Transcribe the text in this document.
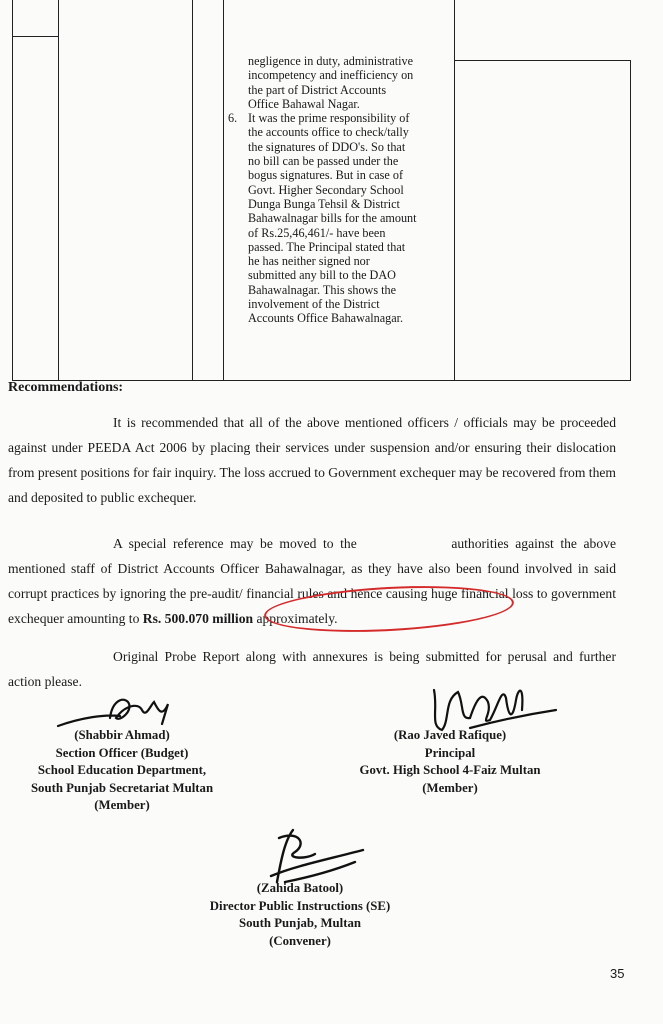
negligence in duty, administrative

incompetency and inefficiency on

the part of District Accounts

Office Bahawal Nagar.

6. It was the prime responsibility of

the accounts office to check/tally

the signatures of DDO's. So that

no bill can be passed under the

bogus signatures. But in case of

Govt. Higher Secondary School

Dunga Bunga Tehsil & District

Bahawalnagar bills for the amount

of Rs.25,46,461/- have been

passed. The Principal stated that

he has neither signed nor

submitted any bill to the DAO

Bahawalnagar. This shows the

involvement of the District

Accounts Office Bahawalnagar.

Recommendations:

It is recommended that all of the above mentioned officers / officials may be proceeded against under PEEDA Act 2006 by placing their services under suspension and/or ensuring their dislocation from present positions for fair inquiry. The loss accrued to Government exchequer may be recovered from them and deposited to public exchequer.

A special reference may be moved to the	authorities against the above mentioned staff of District Accounts Officer Bahawalnagar, as they have also been found involved in said corrupt practices by ignoring the pre-audit/ financial rules and hence causing huge financial loss to government exchequer amounting to Rs. 500.070 million approximately.

Original Probe Report along with annexures is being submitted for perusal and further action please.

(Shabbir Ahmad)
Section Officer (Budget)
School Education Department,
South Punjab Secretariat Multan
(Member)
(Rao Javed Rafique)
Principal
Govt. High School 4-Faiz Multan
(Member)
(Zahida Batool)
Director Public Instructions (SE)
South Punjab, Multan
(Convener)
35
